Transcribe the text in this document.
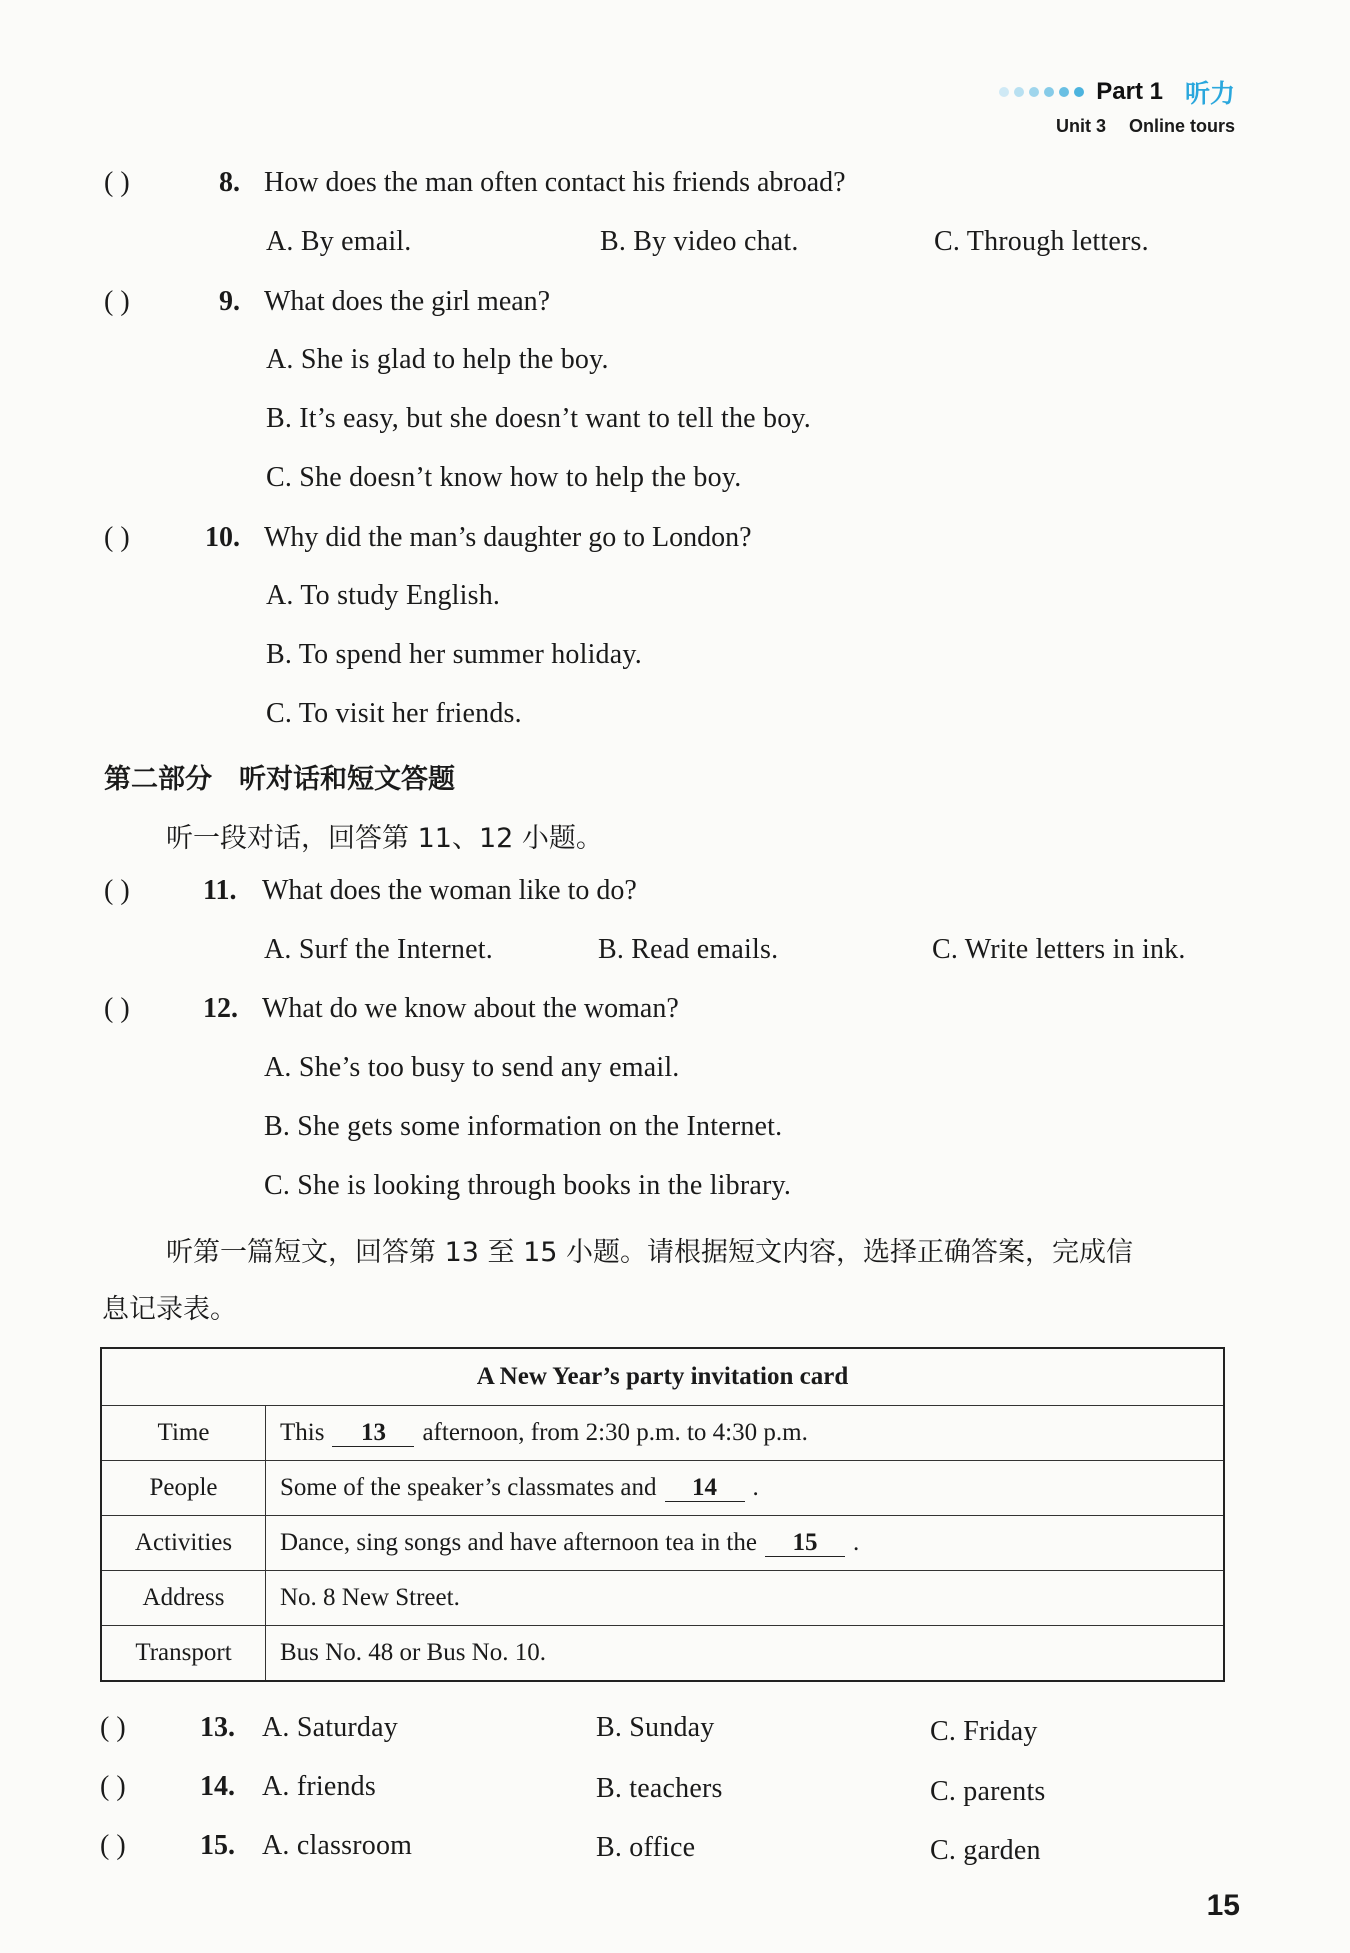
Part 1 听力
Unit 3 Online tours
( )	8. How does the man often contact his friends abroad?
A. By email.	B. By video chat.	C. Through letters.
( )	9. What does the girl mean?
A. She is glad to help the boy.
B. It’s easy, but she doesn’t want to tell the boy.
C. She doesn’t know how to help the boy.
( )	10. Why did the man’s daughter go to London?
A. To study English.
B. To spend her summer holiday.
C. To visit her friends.
第二部分　听对话和短文答题
听一段对话，回答第 11、12 小题。
( )	11. What does the woman like to do?
A. Surf the Internet.	B. Read emails.	C. Write letters in ink.
( )	12. What do we know about the woman?
A. She’s too busy to send any email.
B. She gets some information on the Internet.
C. She is looking through books in the library.
听第一篇短文，回答第 13 至 15 小题。请根据短文内容，选择正确答案，完成信
息记录表。
A New Year’s party invitation card	
Time	This 13 afternoon, from 2:30 p.m. to 4:30 p.m.
People	Some of the speaker’s classmates and 14 .
Activities	Dance, sing songs and have afternoon tea in the 15 .
Address	No. 8 New Street.
Transport	Bus No. 48 or Bus No. 10.
( )	13. A. Saturday	B. Sunday	C. Friday
( )	14. A. friends	B. teachers	C. parents
( )	15. A. classroom	B. office	C. garden
15
